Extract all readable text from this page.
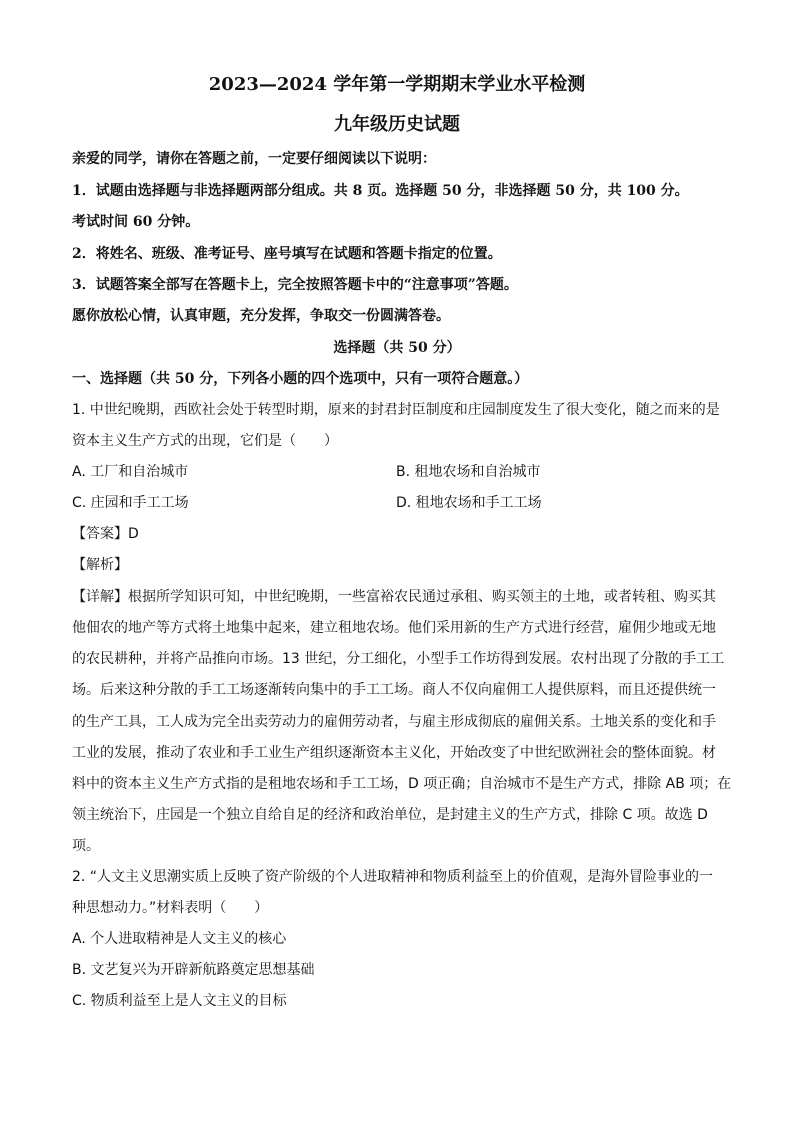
2023—2024 学年第一学期期末学业水平检测
九年级历史试题
亲爱的同学，请你在答题之前，一定要仔细阅读以下说明：
1．试题由选择题与非选择题两部分组成。共 8 页。选择题 50 分，非选择题 50 分，共 100 分。
考试时间 60 分钟。
2．将姓名、班级、准考证号、座号填写在试题和答题卡指定的位置。
3．试题答案全部写在答题卡上，完全按照答题卡中的“注意事项”答题。
愿你放松心情，认真审题，充分发挥，争取交一份圆满答卷。
选择题（共 50 分）
一、选择题（共 50 分，下列各小题的四个选项中，只有一项符合题意。）
1. 中世纪晚期，西欧社会处于转型时期，原来的封君封臣制度和庄园制度发生了很大变化，随之而来的是
资本主义生产方式的出现，它们是（　　）
A. 工厂和自治城市	B. 租地农场和自治城市
C. 庄园和手工工场	D. 租地农场和手工工场
【答案】D
【解析】
【详解】根据所学知识可知，中世纪晚期，一些富裕农民通过承租、购买领主的土地，或者转租、购买其
他佃农的地产等方式将土地集中起来，建立租地农场。他们采用新的生产方式进行经营，雇佣少地或无地
的农民耕种，并将产品推向市场。13 世纪，分工细化，小型手工作坊得到发展。农村出现了分散的手工工
场。后来这种分散的手工工场逐渐转向集中的手工工场。商人不仅向雇佣工人提供原料，而且还提供统一
的生产工具，工人成为完全出卖劳动力的雇佣劳动者，与雇主形成彻底的雇佣关系。土地关系的变化和手
工业的发展，推动了农业和手工业生产组织逐渐资本主义化，开始改变了中世纪欧洲社会的整体面貌。材
料中的资本主义生产方式指的是租地农场和手工工场，D 项正确；自治城市不是生产方式，排除 AB 项；在
领主统治下，庄园是一个独立自给自足的经济和政治单位，是封建主义的生产方式，排除 C 项。故选 D
项。
2. “人文主义思潮实质上反映了资产阶级的个人进取精神和物质利益至上的价值观，是海外冒险事业的一
种思想动力。”材料表明（　　）
A. 个人进取精神是人文主义的核心
B. 文艺复兴为开辟新航路奠定思想基础
C. 物质利益至上是人文主义的目标
